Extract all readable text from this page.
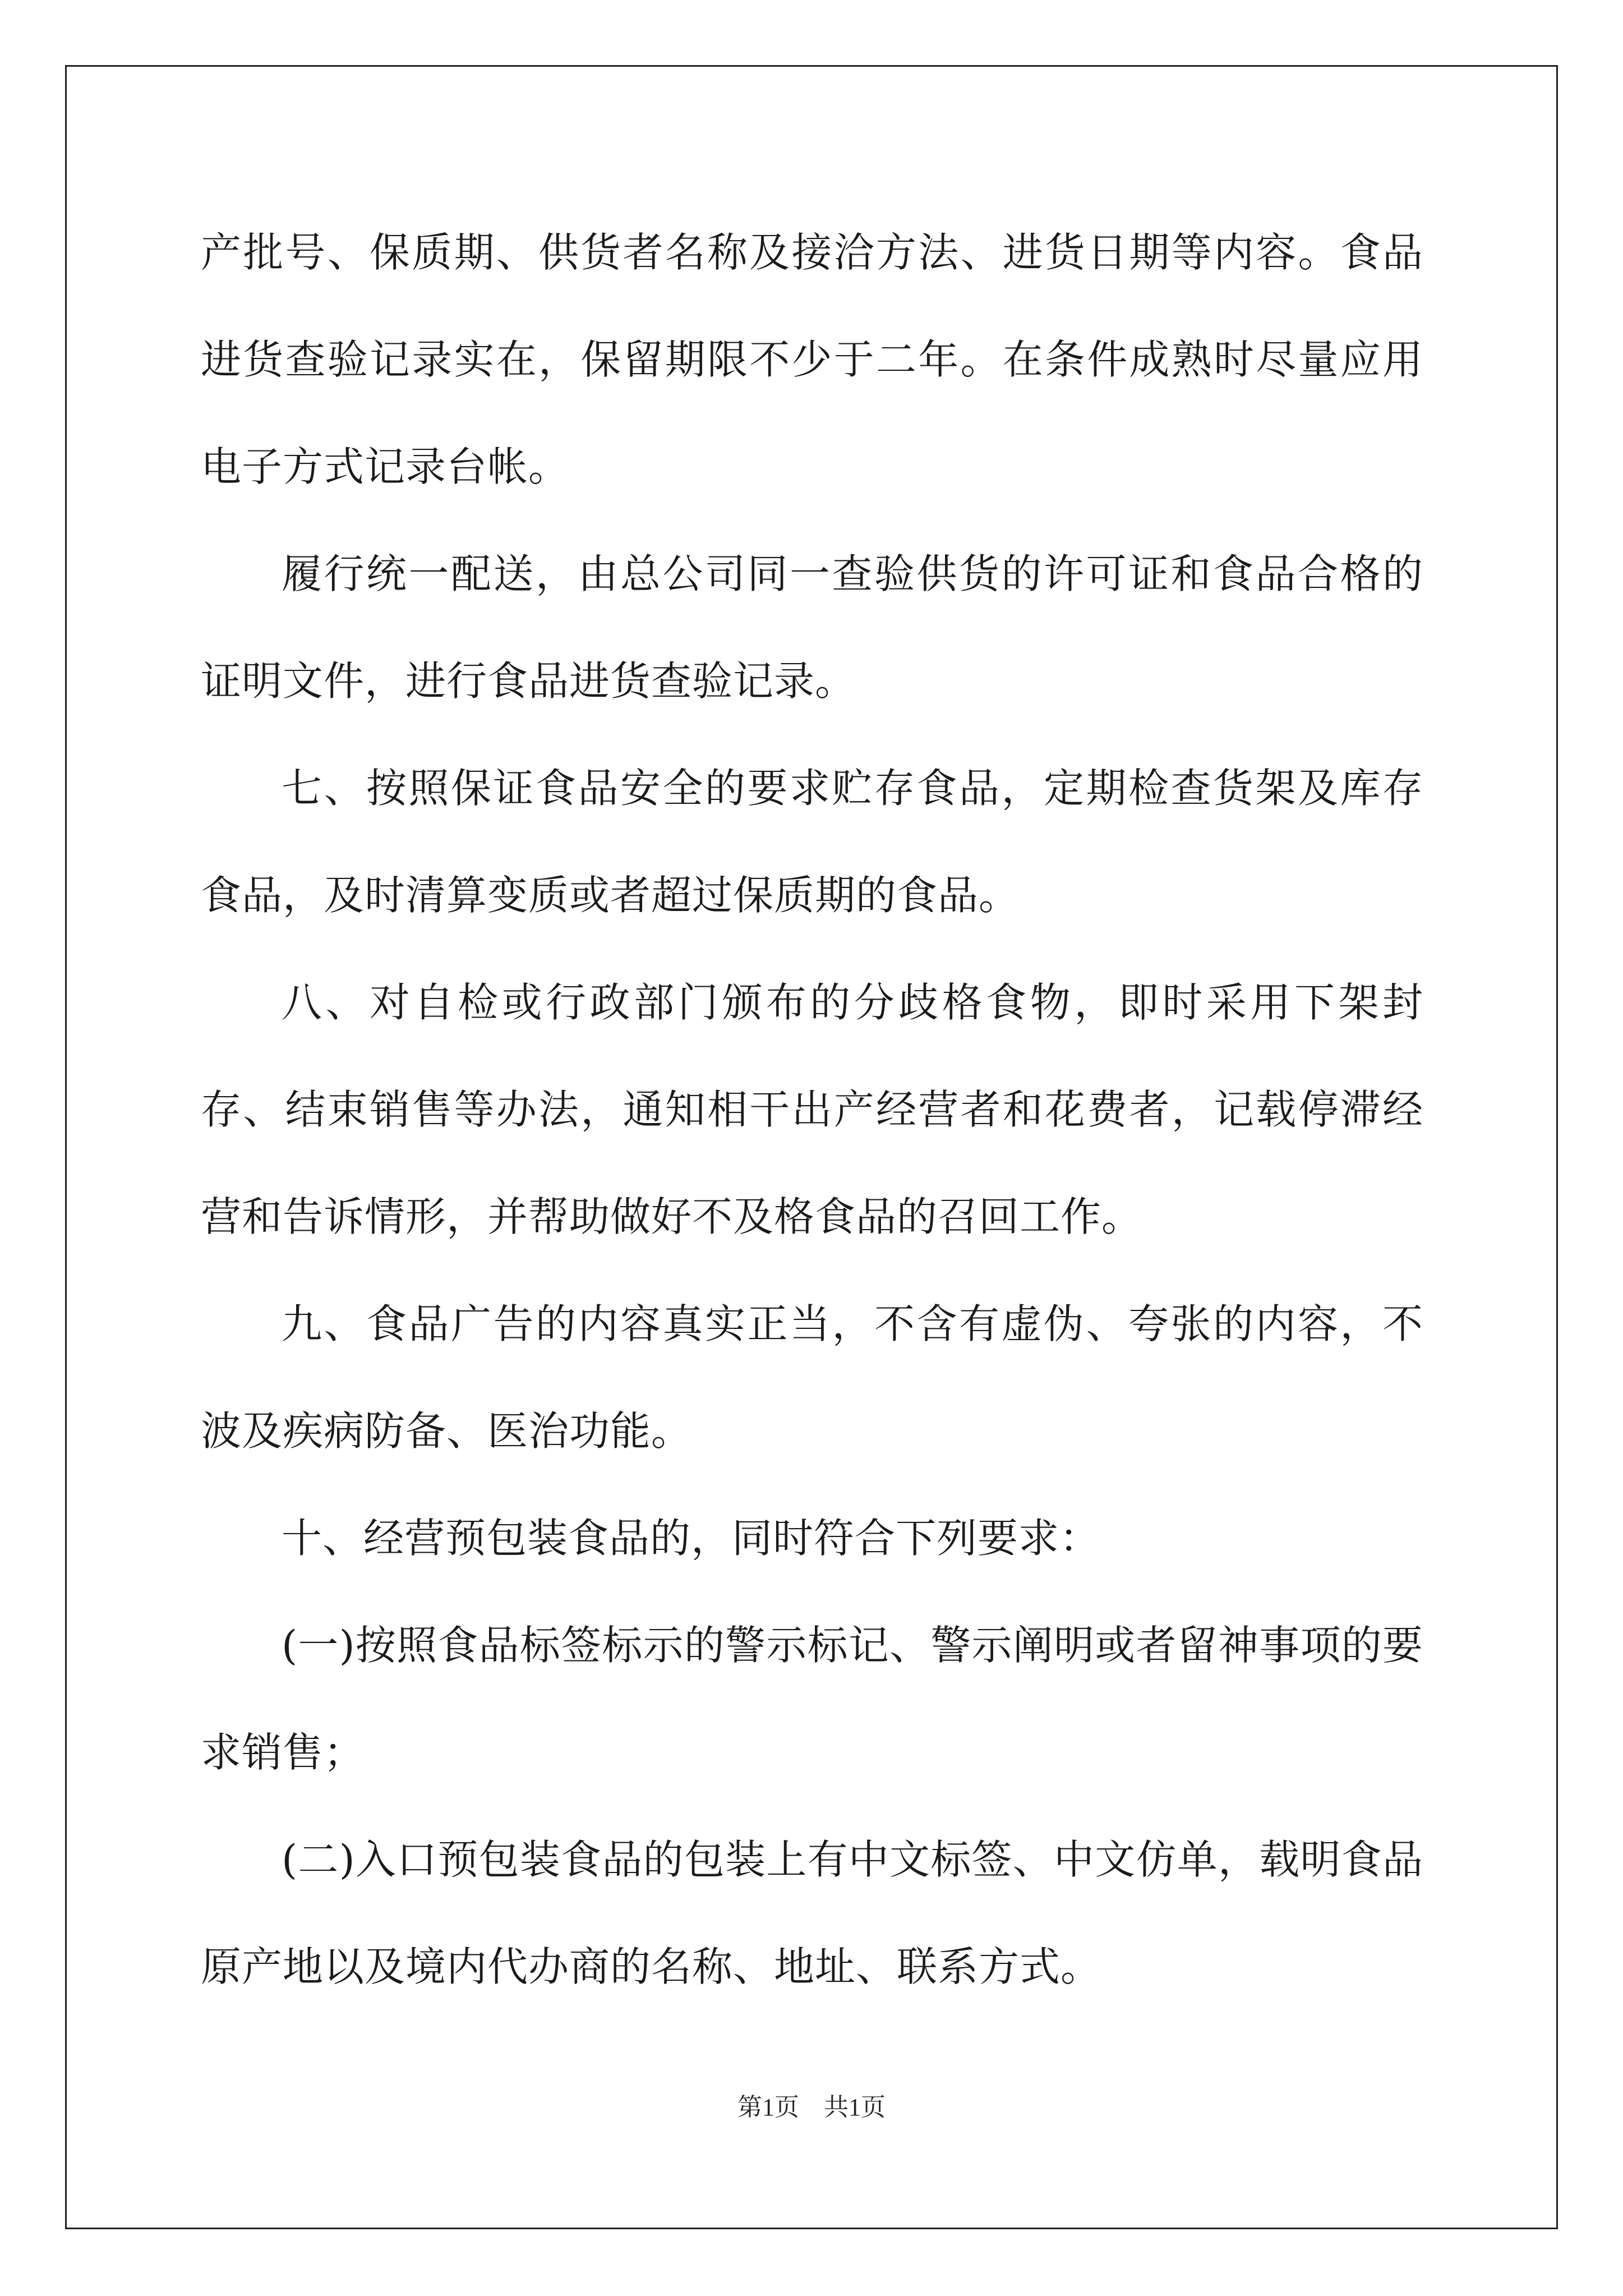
产批号、保质期、供货者名称及接洽方法、进货日期等内容。食品进货查验记录实在，保留期限不少于二年。在条件成熟时尽量应用电子方式记录台帐。

履行统一配送，由总公司同一查验供货的许可证和食品合格的证明文件，进行食品进货查验记录。

七、按照保证食品安全的要求贮存食品，定期检查货架及库存食品，及时清算变质或者超过保质期的食品。

八、对自检或行政部门颁布的分歧格食物，即时采用下架封存、结束销售等办法，通知相干出产经营者和花费者，记载停滞经营和告诉情形，并帮助做好不及格食品的召回工作。

九、食品广告的内容真实正当，不含有虚伪、夸张的内容，不波及疾病防备、医治功能。

十、经营预包装食品的，同时符合下列要求：

(一)按照食品标签标示的警示标记、警示阐明或者留神事项的要求销售；

(二)入口预包装食品的包装上有中文标签、中文仿单，载明食品原产地以及境内代办商的名称、地址、联系方式。

第1页　共1页
